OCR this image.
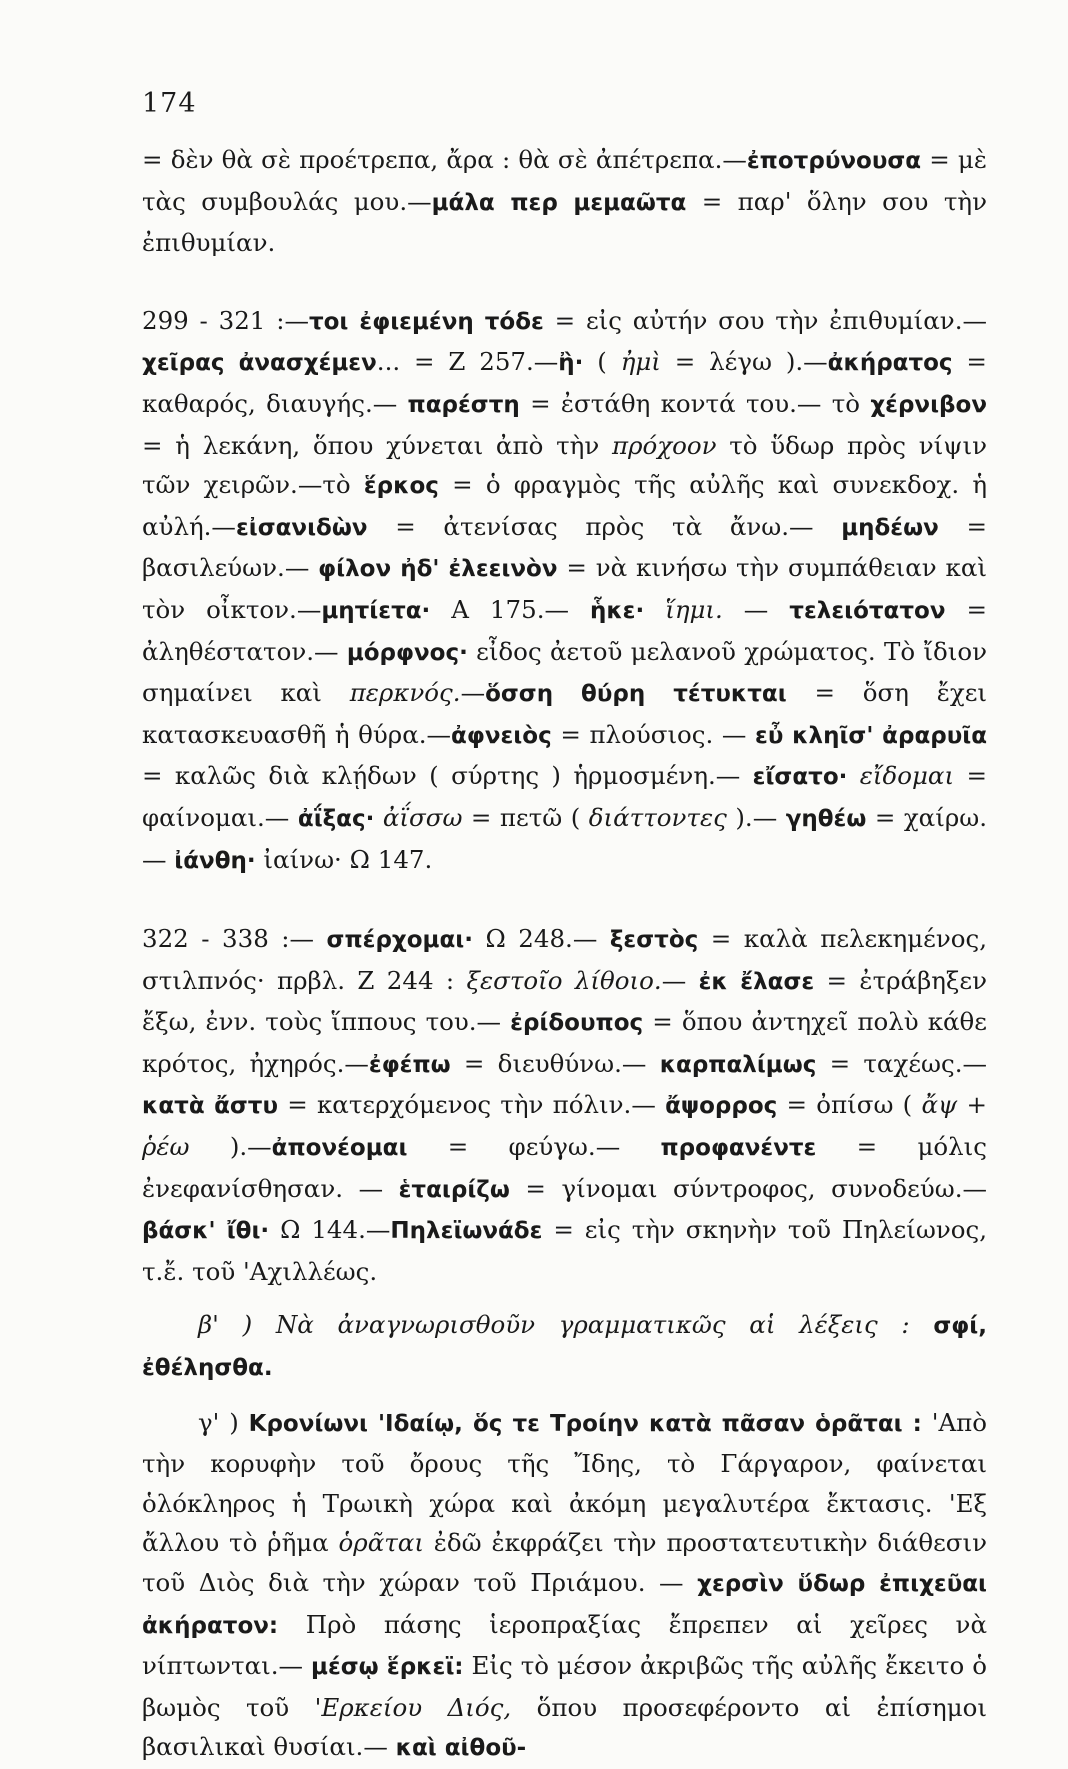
174

= δὲν θὰ σὲ προέτρεπα, ἄρα : θὰ σὲ ἀπέτρεπα.—ἐποτρύνουσα = μὲ τὰς συμβουλάς μου.—μάλα περ μεμαῶτα = παρ' ὅλην σου τὴν ἐπιθυμίαν.

299 - 321 :—τοι ἐφιεμένη τόδε = εἰς αὐτήν σου τὴν ἐπιθυμίαν.— χεῖρας ἀνασχέμεν... = Ζ 257.—ἢ· ( ἠμὶ = λέγω ).—ἀκήρατος = καθαρός, διαυγής.— παρέστη = ἐστάθη κοντά του.— τὸ χέρνιβον = ἡ λεκάνη, ὅπου χύνεται ἀπὸ τὴν πρόχοον τὸ ὕδωρ πρὸς νίψιν τῶν χειρῶν.—τὸ ἕρκος = ὁ φραγμὸς τῆς αὐλῆς καὶ συνεκδοχ. ἡ αὐλή.—εἰσανιδὼν = ἀτενίσας πρὸς τὰ ἄνω.— μηδέων = βασιλεύων.— φίλον ἠδ' ἐλεεινὸν = νὰ κινήσω τὴν συμπάθειαν καὶ τὸν οἶκτον.—μητίετα· Α 175.— ἧκε· ἵημι. — τελειότατον = ἀληθέστατον.— μόρφνος· εἶδος ἀετοῦ μελανοῦ χρώματος. Τὸ ἴδιον σημαίνει καὶ περκνός.—ὅσση θύρη τέτυκται = ὅση ἔχει κατασκευασθῆ ἡ θύρα.—ἀφνειὸς = πλούσιος. — εὖ κληῖσ' ἀραρυῖα = καλῶς διὰ κλῄδων ( σύρτης ) ἡρμοσμένη.— εἴσατο· εἴδομαι = φαίνομαι.— ἀΐξας· ἀΐσσω = πετῶ ( διάττοντες ).— γηθέω = χαίρω.— ἰάνθη· ἰαίνω· Ω 147.

322 - 338 :— σπέρχομαι· Ω 248.— ξεστὸς = καλὰ πελεκημένος, στιλπνός· πρβλ. Ζ 244 : ξεστοῖο λίθοιο.— ἐκ ἔλασε = ἐτράβηξεν ἔξω, ἐνν. τοὺς ἵππους του.— ἐρίδουπος = ὅπου ἀντηχεῖ πολὺ κάθε κρότος, ἠχηρός.—ἐφέπω = διευθύνω.— καρπαλίμως = ταχέως.— κατὰ ἄστυ = κατερχόμενος τὴν πόλιν.— ἄψορρος = ὀπίσω ( ἄψ + ῥέω ).—ἀπονέομαι = φεύγω.— προφανέντε = μόλις ἐνεφανίσθησαν. — ἑταιρίζω = γίνομαι σύντροφος, συνοδεύω.—βάσκ' ἴθι· Ω 144.—Πηλεϊωνάδε = εἰς τὴν σκηνὴν τοῦ Πηλείωνος, τ.ἔ. τοῦ 'Αχιλλέως.

β' ) Νὰ ἀναγνωρισθοῦν γραμματικῶς αἱ λέξεις : σφί, ἐθέλησθα.

γ' ) Κρονίωνι 'Ιδαίῳ, ὅς τε Τροίην κατὰ πᾶσαν ὁρᾶται : 'Απὸ τὴν κορυφὴν τοῦ ὄρους τῆς Ἴδης, τὸ Γάργαρον, φαίνεται ὁλόκληρος ἡ Τρωικὴ χώρα καὶ ἀκόμη μεγαλυτέρα ἔκτασις. 'Εξ ἄλλου τὸ ῥῆμα ὁρᾶται ἐδῶ ἐκφράζει τὴν προστατευτικὴν διάθεσιν τοῦ Διὸς διὰ τὴν χώραν τοῦ Πριάμου. — χερσὶν ὕδωρ ἐπιχεῦαι ἀκήρατον: Πρὸ πάσης ἱεροπραξίας ἔπρεπεν αἱ χεῖρες νὰ νίπτωνται.— μέσῳ ἕρκεϊ: Εἰς τὸ μέσον ἀκριβῶς τῆς αὐλῆς ἔκειτο ὁ βωμὸς τοῦ 'Ερκείου Διός, ὅπου προσεφέροντο αἱ ἐπίσημοι βασιλικαὶ θυσίαι.— καὶ αἰθοῦ-
